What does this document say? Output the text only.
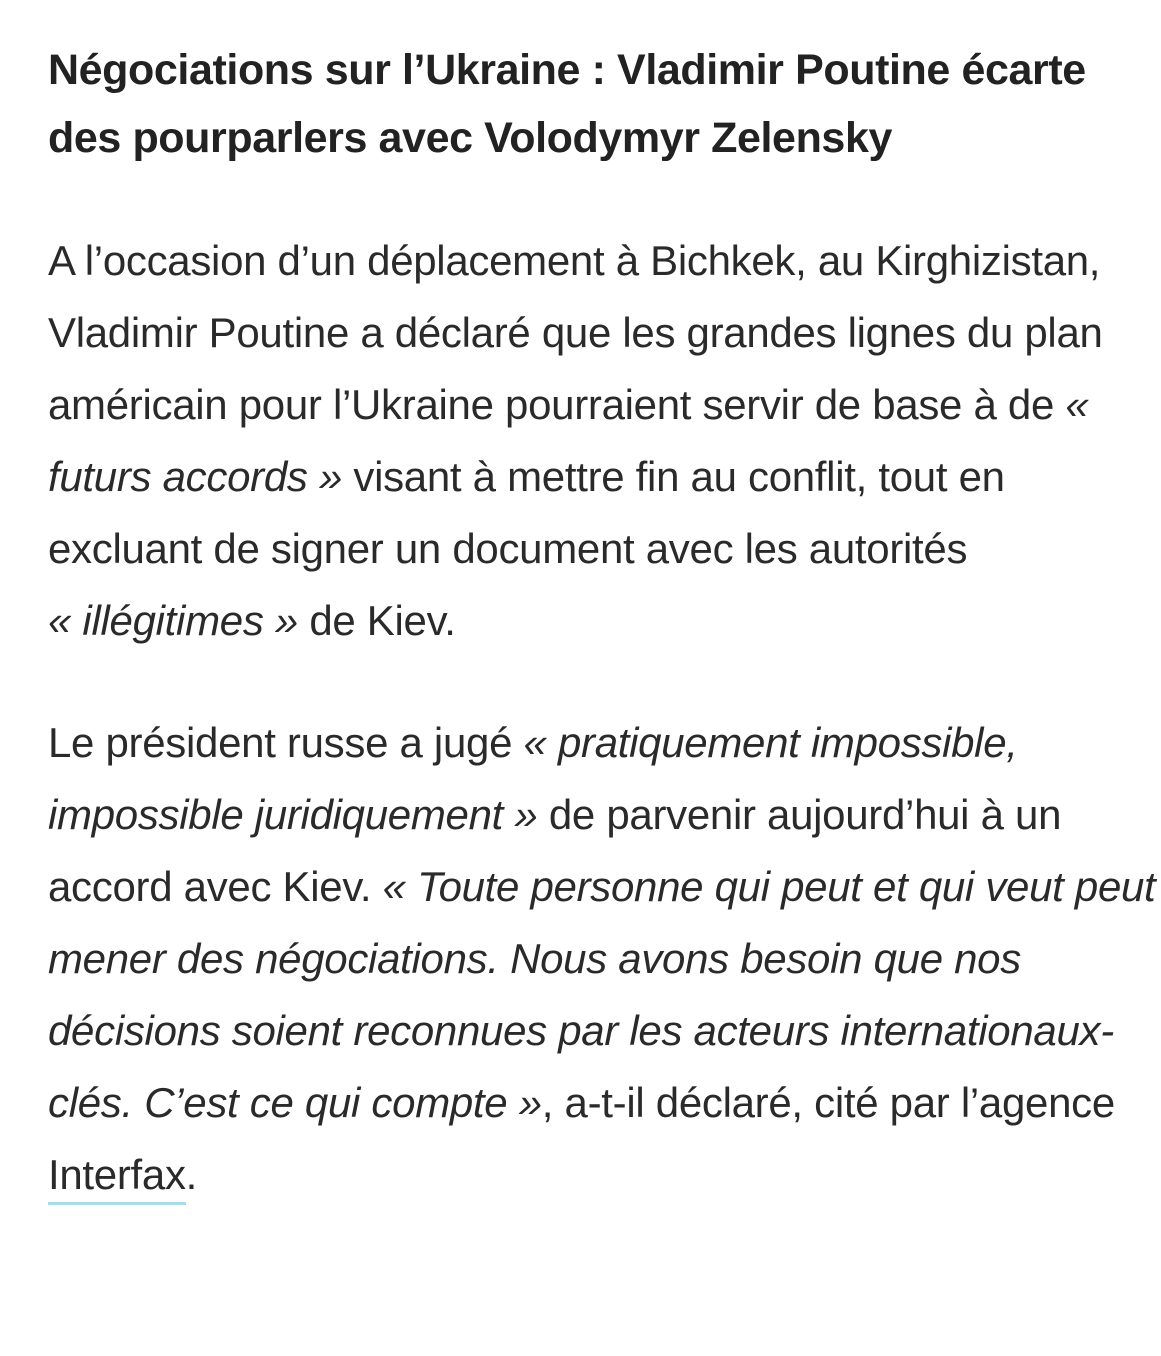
Négociations sur l’Ukraine : Vladimir Poutine écarte des pourparlers avec Volodymyr Zelensky

A l’occasion d’un déplacement à Bichkek, au Kirghizistan, Vladimir Poutine a déclaré que les grandes lignes du plan américain pour l’Ukraine pourraient servir de base à de « futurs accords » visant à mettre fin au conflit, tout en excluant de signer un document avec les autorités
« illégitimes » de Kiev.

Le président russe a jugé « pratiquement impossible, impossible juridiquement » de parvenir aujourd’hui à un accord avec Kiev. « Toute personne qui peut et qui veut peut mener des négociations. Nous avons besoin que nos décisions soient reconnues par les acteurs internationaux-clés. C’est ce qui compte », a-t-il déclaré, cité par l’agence Interfax.
